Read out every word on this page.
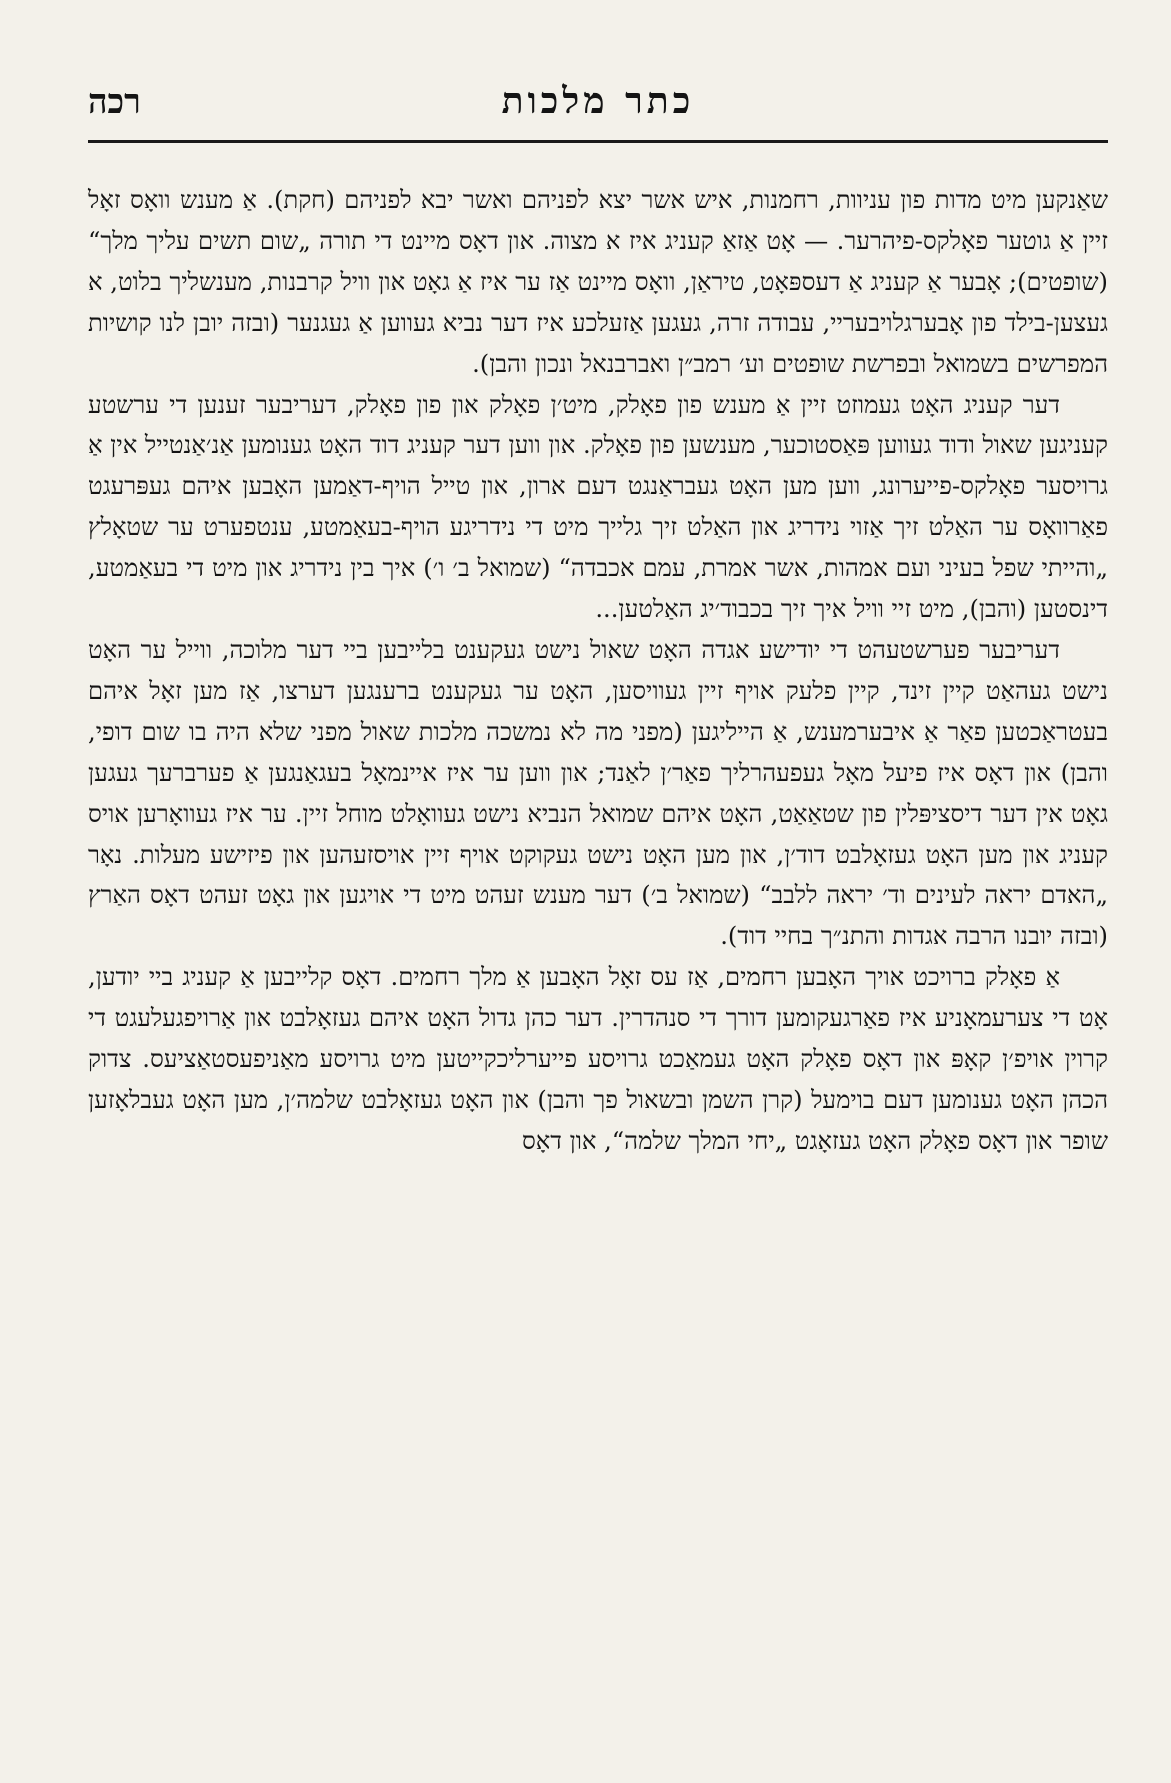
כתר מלכות
רכה

שאַנקען מיט מדות פון עניוות, רחמנות, איש אשר יצא לפניהם ואשר יבא לפניהם (חקת). אַ מענש וואָס זאָל זיין אַ גוטער פאָלקס-פיהרער. — אָט אַזאַ קעניג איז א מצוה. און דאָס מיינט די תורה „שום תשים עליך מלך“ (שופטים); אָבער אַ קעניג אַ דעספּאָט, טיראַן, וואָס מיינט אַז ער איז אַ גאָט און וויל קרבנות, מענשליך בלוט, א געצען-בילד פון אָבערגלויבעריי, עבודה זרה, געגען אַזעלכע איז דער נביא געווען אַ געגנער (ובזה יובן לנו קושיות המפרשים בשמואל ובפרשת שופטים וע׳ רמב״ן ואברבנאל ונכון והבן).

דער קעניג האָט געמוזט זיין אַ מענש פון פאָלק, מיט׳ן פאָלק און פון פאָלק, דעריבער זענען די ערשטע קעניגען שאול ודוד געווען פּאַסטוכער, מענשען פון פאָלק. און ווען דער קעניג דוד האָט גענומען אַנ׳אַנטייל אין אַ גרויסער פאָלקס-פייערונג, ווען מען האָט געבראַנגט דעם ארון, און טייל הויף-דאַמען האָבען איהם געפּרעגט פאַרוואָס ער האַלט זיך אַזוי נידריג און האַלט זיך גלייך מיט די נידריגע הויף-בעאַמטע, ענטפערט ער שטאָלץ „והייתי שפל בעיני ועם אמהות, אשר אמרת, עמם אכבדה“ (שמואל ב׳ ו׳) איך בין נידריג און מיט די בעאַמטע, דינסטען (והבן), מיט זיי וויל איך זיך בכבוד׳יג האַלטען...

דעריבער פערשטעהט די יודישע אגדה האָט שאול נישט געקענט בלייבען ביי דער מלוכה, ווייל ער האָט נישט געהאַט קיין זינד, קיין פלעק אויף זיין געוויסען, האָט ער געקענט ברענגען דערצו, אַז מען זאָל איהם בעטראַכטען פאַר אַ איבערמענש, אַ הייליגען (מפני מה לא נמשכה מלכות שאול מפני שלא היה בו שום דופי, והבן) און דאָס איז פיעל מאָל געפעהרליך פאַר׳ן לאַנד; און ווען ער איז איינמאָל בעגאַנגען אַ פערברעך געגען גאָט אין דער דיסציפּלין פון שטאַאַט, האָט איהם שמואל הנביא נישט געוואָלט מוחל זיין. ער איז געוואָרען אויס קעניג און מען האָט געזאָלבט דוד׳ן, און מען האָט נישט געקוקט אויף זיין אויסזעהען און פיזישע מעלות. נאָר „האדם יראה לעינים וד׳ יראה ללבב“ (שמואל ב׳) דער מענש זעהט מיט די אויגען און גאָט זעהט דאָס האַרץ (ובזה יובנו הרבה אגדות והתנ״ך בחיי דוד).

אַ פאָלק ברויכט אויך האָבען רחמים, אַז עס זאָל האָבען אַ מלך רחמים. דאָס קלייבען אַ קעניג ביי יודען, אָט די צערעמאָניע איז פאַרגעקומען דורך די סנהדרין. דער כהן גדול האָט איהם געזאָלבט און אַרויפגעלעגט די קרוין אויפ׳ן קאָפּ און דאָס פאָלק האָט געמאַכט גרויסע פייערליכקייטען מיט גרויסע מאַניפעסטאַציעס. צדוק הכהן האָט גענומען דעם בוימעל (קרן השמן ובשאול פך והבן) און האָט געזאָלבט שלמה׳ן, מען האָט געבלאָזען שופר און דאָס פאָלק האָט געזאָגט „יחי המלך שלמה“, און דאָס
